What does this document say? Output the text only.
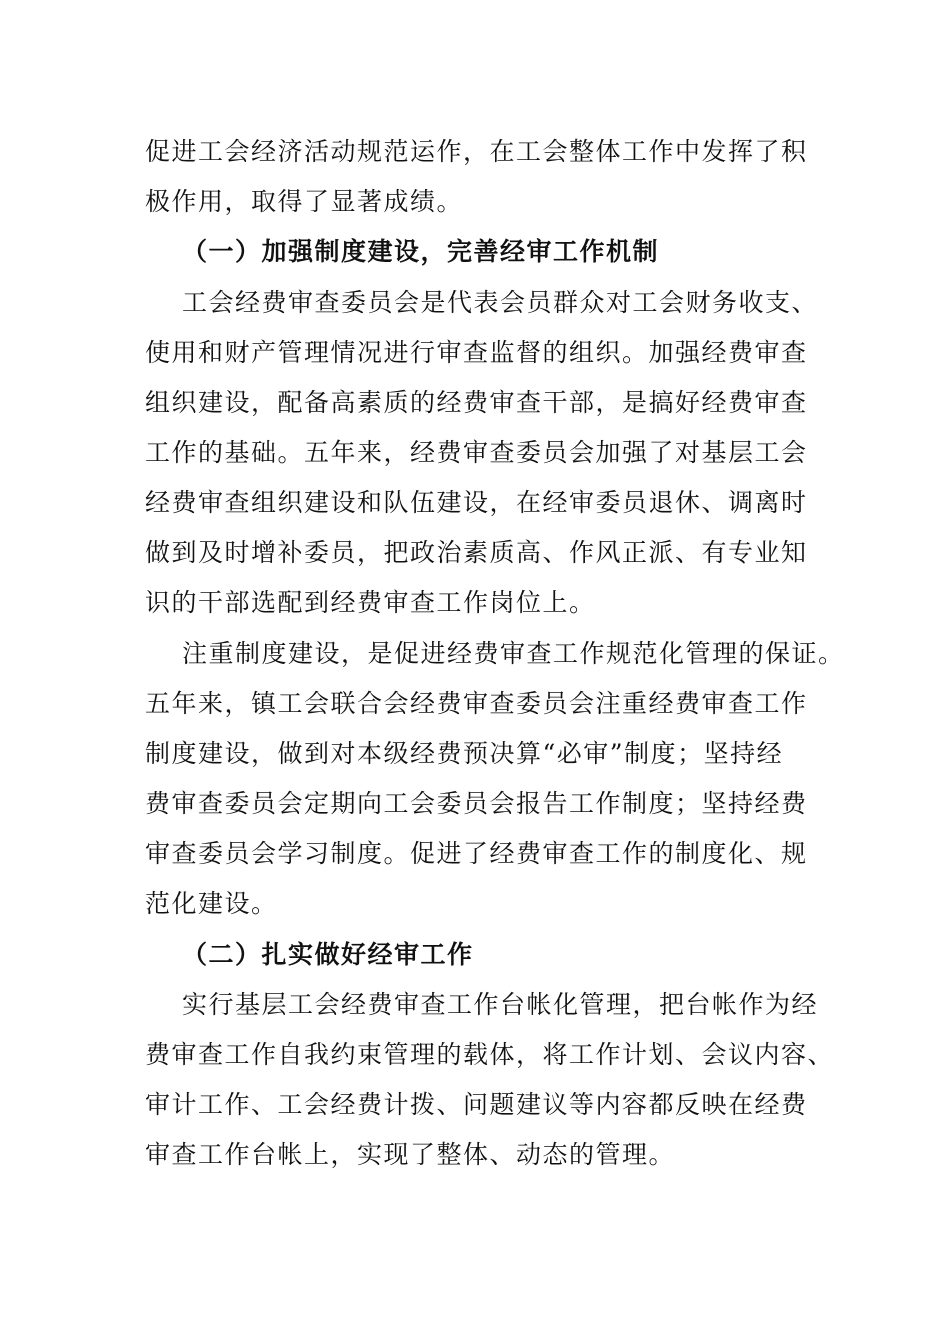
促进工会经济活动规范运作，在工会整体工作中发挥了积
极作用，取得了显著成绩。
（一）加强制度建设，完善经审工作机制
工会经费审查委员会是代表会员群众对工会财务收支、
使用和财产管理情况进行审查监督的组织。加强经费审查
组织建设，配备高素质的经费审查干部，是搞好经费审查
工作的基础。五年来，经费审查委员会加强了对基层工会
经费审查组织建设和队伍建设，在经审委员退休、调离时
做到及时增补委员，把政治素质高、作风正派、有专业知
识的干部选配到经费审查工作岗位上。
注重制度建设，是促进经费审查工作规范化管理的保证。
五年来，镇工会联合会经费审查委员会注重经费审查工作
制度建设，做到对本级经费预决算“必审”制度；坚持经
费审查委员会定期向工会委员会报告工作制度；坚持经费
审查委员会学习制度。促进了经费审查工作的制度化、规
范化建设。
（二）扎实做好经审工作
实行基层工会经费审查工作台帐化管理，把台帐作为经
费审查工作自我约束管理的载体，将工作计划、会议内容、
审计工作、工会经费计拨、问题建议等内容都反映在经费
审查工作台帐上，实现了整体、动态的管理。
